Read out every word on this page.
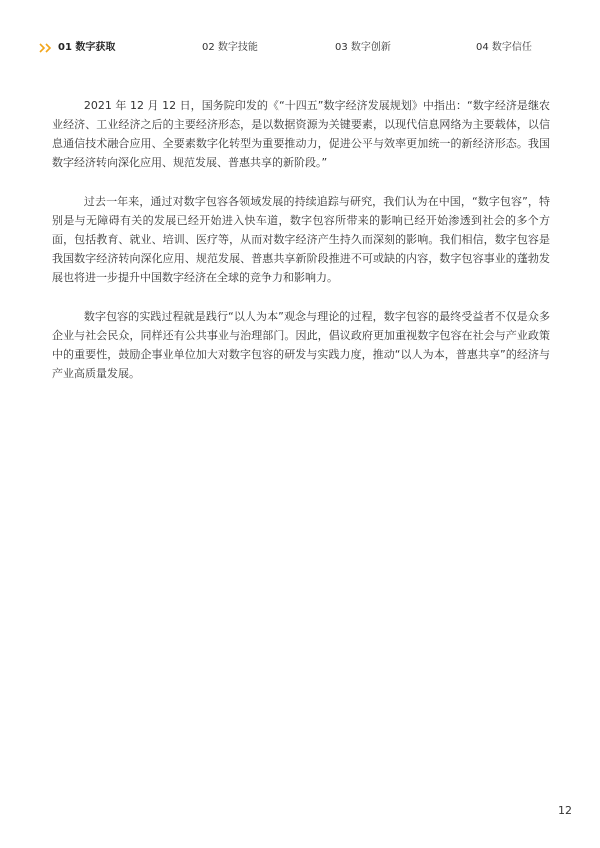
01 数字获取	02 数字技能	03 数字创新	04 数字信任

2021 年 12 月 12 日，国务院印发的《“十四五”数字经济发展规划》中指出：“数字经济是继农业经济、工业经济之后的主要经济形态，是以数据资源为关键要素，以现代信息网络为主要载体，以信息通信技术融合应用、全要素数字化转型为重要推动力，促进公平与效率更加统一的新经济形态。我国数字经济转向深化应用、规范发展、普惠共享的新阶段。”

过去一年来，通过对数字包容各领域发展的持续追踪与研究，我们认为在中国，“数字包容”，特别是与无障碍有关的发展已经开始进入快车道，数字包容所带来的影响已经开始渗透到社会的多个方面，包括教育、就业、培训、医疗等，从而对数字经济产生持久而深刻的影响。我们相信，数字包容是我国数字经济转向深化应用、规范发展、普惠共享新阶段推进不可或缺的内容，数字包容事业的蓬勃发展也将进一步提升中国数字经济在全球的竞争力和影响力。

数字包容的实践过程就是践行“以人为本”观念与理论的过程，数字包容的最终受益者不仅是众多企业与社会民众，同样还有公共事业与治理部门。因此，倡议政府更加重视数字包容在社会与产业政策中的重要性，鼓励企事业单位加大对数字包容的研发与实践力度，推动“以人为本，普惠共享”的经济与产业高质量发展。

12
